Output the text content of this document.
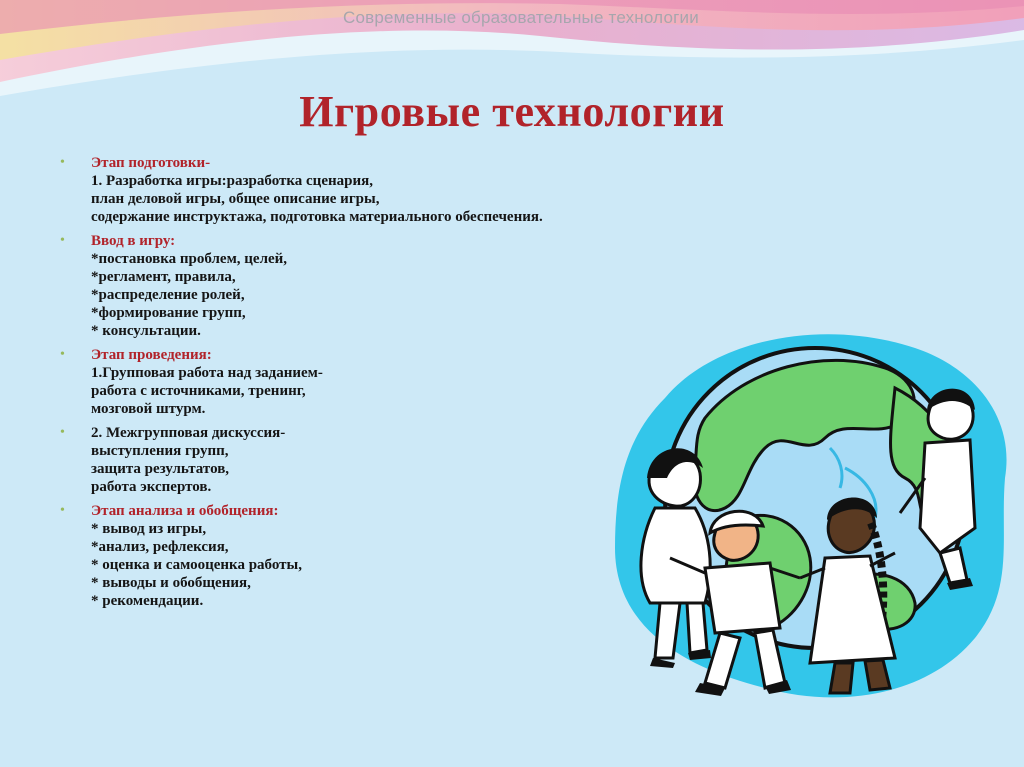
Современные образовательные технологии
Игровые технологии
• Этап подготовки-
1. Разработка игры:разработка сценария,
план деловой игры, общее описание игры,
содержание инструктажа, подготовка материального обеспечения.
• Ввод в игру:
*постановка проблем, целей,
*регламент, правила,
*распределение ролей,
*формирование групп,
* консультации.
• Этап проведения:
1.Групповая работа над заданием-
работа с источниками, тренинг,
мозговой штурм.
• 2. Межгрупповая дискуссия-
выступления групп,
защита результатов,
работа экспертов.
• Этап анализа и обобщения:
* вывод из игры,
*анализ, рефлексия,
* оценка и самооценка работы,
* выводы и обобщения,
* рекомендации.
